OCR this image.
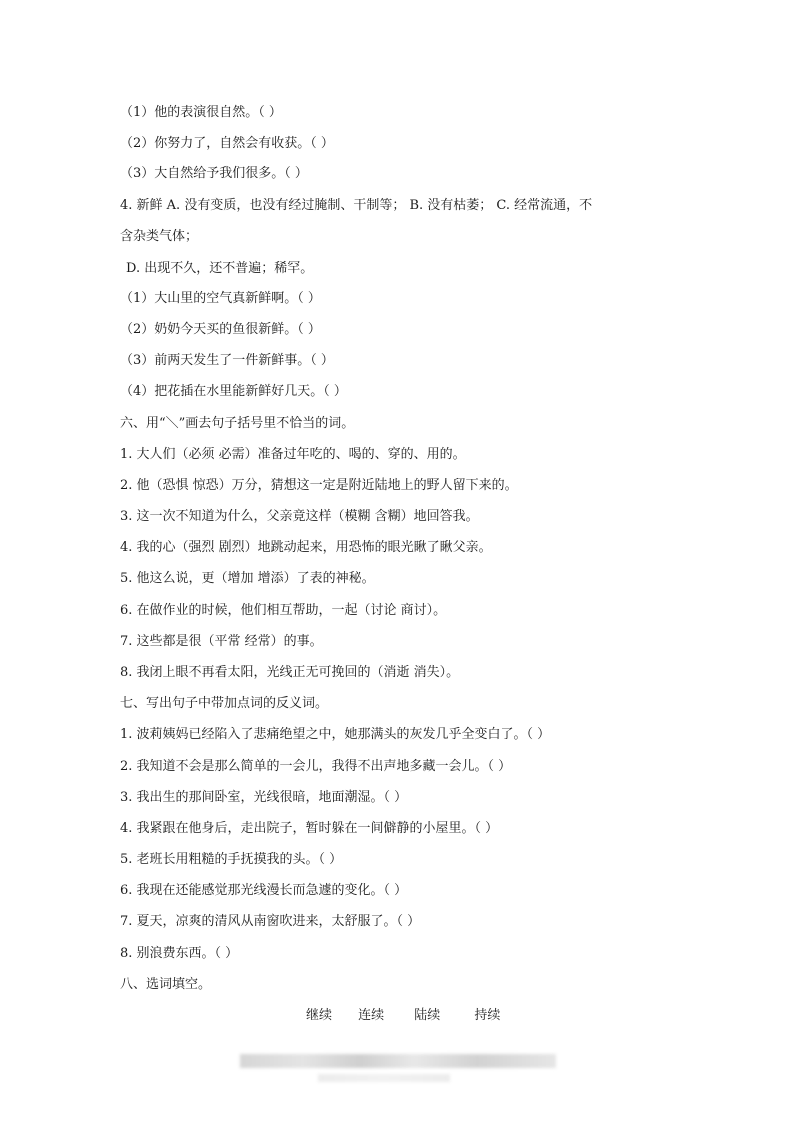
（1）他的表演很自然。（ ）
（2）你努力了，自然会有收获。（ ）
（3）大自然给予我们很多。（ ）
4. 新鲜 A. 没有变质，也没有经过腌制、干制等； B. 没有枯萎； C. 经常流通，不
含杂类气体；
D. 出现不久，还不普遍；稀罕。
（1）大山里的空气真新鲜啊。（ ）
（2）奶奶今天买的鱼很新鲜。（ ）
（3）前两天发生了一件新鲜事。（ ）
（4）把花插在水里能新鲜好几天。（ ）
六、用“＼”画去句子括号里不恰当的词。
1. 大人们（必须 必需）准备过年吃的、喝的、穿的、用的。
2. 他（恐惧 惊恐）万分，猜想这一定是附近陆地上的野人留下来的。
3. 这一次不知道为什么，父亲竟这样（模糊 含糊）地回答我。
4. 我的心（强烈 剧烈）地跳动起来，用恐怖的眼光瞅了瞅父亲。
5. 他这么说，更（增加 增添）了表的神秘。
6. 在做作业的时候，他们相互帮助，一起（讨论 商讨）。
7. 这些都是很（平常 经常）的事。
8. 我闭上眼不再看太阳，光线正无可挽回的（消逝 消失）。
七、写出句子中带加点词的反义词。
1. 波莉姨妈已经陷入了悲痛绝望之中，她那满头的灰发几乎全变白了。（ ）
2. 我知道不会是那么简单的一会儿，我得不出声地多藏一会儿。（ ）
3. 我出生的那间卧室，光线很暗，地面潮湿。（ ）
4. 我紧跟在他身后，走出院子，暂时躲在一间僻静的小屋里。（ ）
5. 老班长用粗糙的手抚摸我的头。（ ）
6. 我现在还能感觉那光线漫长而急遽的变化。（ ）
7. 夏天，凉爽的清风从南窗吹进来，太舒服了。（ ）
8. 别浪费东西。（ ）
八、选词填空。
继续 连续 陆续	持续
